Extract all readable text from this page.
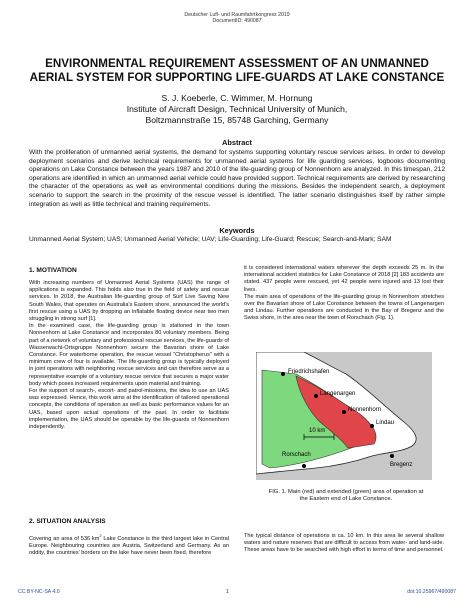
Deutscher Luft- und Raumfahrtkongress 2019
DocumentID: 490087
ENVIRONMENTAL REQUIREMENT ASSESSMENT OF AN UNMANNED
AERIAL SYSTEM FOR SUPPORTING LIFE-GUARDS AT LAKE CONSTANCE
S. J. Koeberle, C. Wimmer, M. Hornung
Institute of Aircraft Design, Technical University of Munich,
Boltzmannstraße 15, 85748 Garching, Germany
Abstract
With the proliferation of unmanned aerial systems, the demand for systems supporting voluntary rescue services arises. In order to develop deployment scenarios and derive technical requirements for unmanned aerial systems for life guarding services, logbooks documenting operations on Lake Constance between the years 1987 and 2010 of the life-guarding group of Nonnenhorn are analyzed. In this timespan, 212 operations are identified in which an unmanned aerial vehicle could have provided support. Technical requirements are derived by researching the character of the operations as well as environmental conditions during the missions. Besides the independent search, a deployment scenario to support the search in the proximity of the rescue vessel is identified. The latter scenario distinguishes itself by rather simple integration as well as little technical and training requirements.
Keywords
Unmanned Aerial System; UAS; Unmanned Aerial Vehicle; UAV; Life-Guarding; Life-Guard; Rescue; Search-and-Mark; SAM
1. MOTIVATION

With increasing numbers of Unmanned Aerial Systems (UAS) the range of applications is expanded. This holds also true in the field of safety and rescue services. In 2018, the Australian life-guarding group of Surf Live Saving New South Wales, that operates on Australia's Eastern shore, announced the world's first rescue using a UAS by dropping an inflatable floating device near two men struggling in strong surf [1].

In the examined case, the life-guarding group is stationed in the town Nonnenhorn at Lake Constance and incorporates 80 voluntary members. Being part of a network of voluntary and professional rescue services, the life-guards of Wasserwacht-Ortsgruppe Nonnenhorn secure the Bavarian shore of Lake Constance. For waterborne operation, the rescue vessel "Christopherus" with a minimum crew of four is available. The life-guarding group is typically deployed in joint operations with neighboring rescue services and can therefore serve as a representative example of a voluntary rescue service that secures a major water body which poses increased requirements upon material and training.

For the support of search-, escort- and patrol-missions, the idea to use an UAS was expressed. Hence, this work aims at the identification of tailored operational concepts, the conditions of operation as well as basic performance values for an UAS, based upon actual operations of the past. In order to facilitate implementation, the UAS should be operable by the life-guards of Nonnenhorn independently.

2. SITUATION ANALYSIS

Covering an area of 536 $km^2$ Lake Constance is the third largest lake in Central Europe. Neighbouring countries are Austria, Switzerland and Germany. As an oddity, the countries' borders on the lake have never been fixed, therefore

it is considered international waters wherever the depth exceeds 25 m. In the international accident statistics for Lake Constance of 2018 [2] 183 accidents are stated. 437 people were rescued, yet 42 people were injured and 13 lost their lives.

The main area of operations of the life-guarding group in Nonnenhorn stretches over the Bavarian shore of Lake Constance between the towns of Langenargen and Lindau. Further operations are conducted in the Bay of Bregenz and the Swiss shore, in the area near the town of Rorschach (Fig. 1).

10 km
Friedrichshafen
Langenargen
Nonnenhorn
Lindau
Bregenz
Rorschach
FIG. 1. Main (red) and extended (green) area of operation at
the Eastern end of Lake Constance.

The typical distance of operations is ca. 10 km. In this area lie several shallow waters and nature reserves that are difficult to access from water- and land-side. These areas have to be searched with high effort in terms of time and personnel.

CC BY-NC-SA 4.0	1	doi:10.25967/490087
